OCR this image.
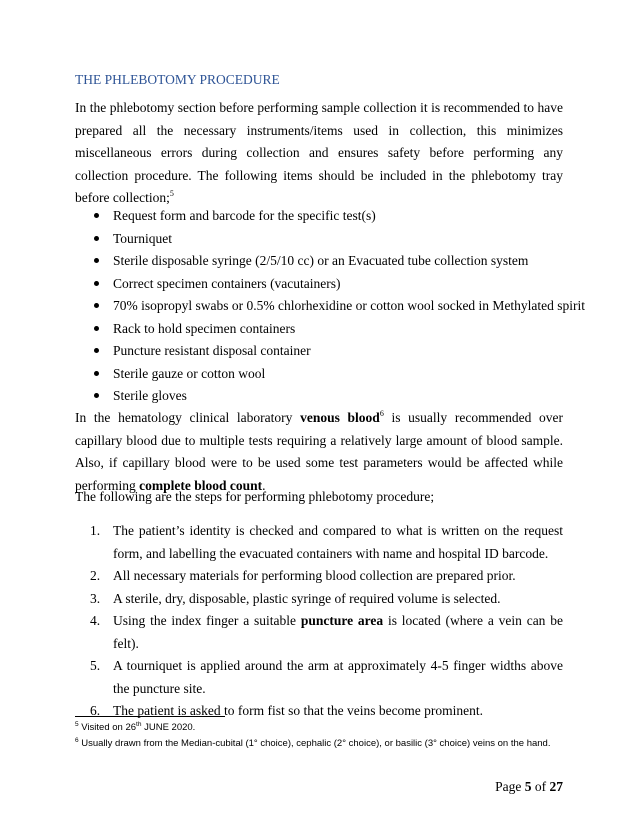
THE PHLEBOTOMY PROCEDURE

In the phlebotomy section before performing sample collection it is recommended to have prepared all the necessary instruments/items used in collection, this minimizes miscellaneous errors during collection and ensures safety before performing any collection procedure. The following items should be included in the phlebotomy tray before collection;$^5$

Request form and barcode for the specific test(s)
Tourniquet
Sterile disposable syringe (2/5/10 cc) or an Evacuated tube collection system
Correct specimen containers (vacutainers)
70% isopropyl swabs or 0.5% chlorhexidine or cotton wool socked in Methylated spirit
Rack to hold specimen containers
Puncture resistant disposal container
Sterile gauze or cotton wool
Sterile gloves

In the hematology clinical laboratory venous blood$^6$ is usually recommended over capillary blood due to multiple tests requiring a relatively large amount of blood sample. Also, if capillary blood were to be used some test parameters would be affected while performing complete blood count.

The following are the steps for performing phlebotomy procedure;

1. The patient’s identity is checked and compared to what is written on the request form, and labelling the evacuated containers with name and hospital ID barcode.
2. All necessary materials for performing blood collection are prepared prior.
3. A sterile, dry, disposable, plastic syringe of required volume is selected.
4. Using the index finger a suitable puncture area is located (where a vein can be felt).
5. A tourniquet is applied around the arm at approximately 4-5 finger widths above the puncture site.
6. The patient is asked to form fist so that the veins become prominent.
$^5$ Visited on 26th JUNE 2020.
$^6$ Usually drawn from the Median-cubital (1° choice), cephalic (2° choice), or basilic (3° choice) veins on the hand.
Page 5 of 27
